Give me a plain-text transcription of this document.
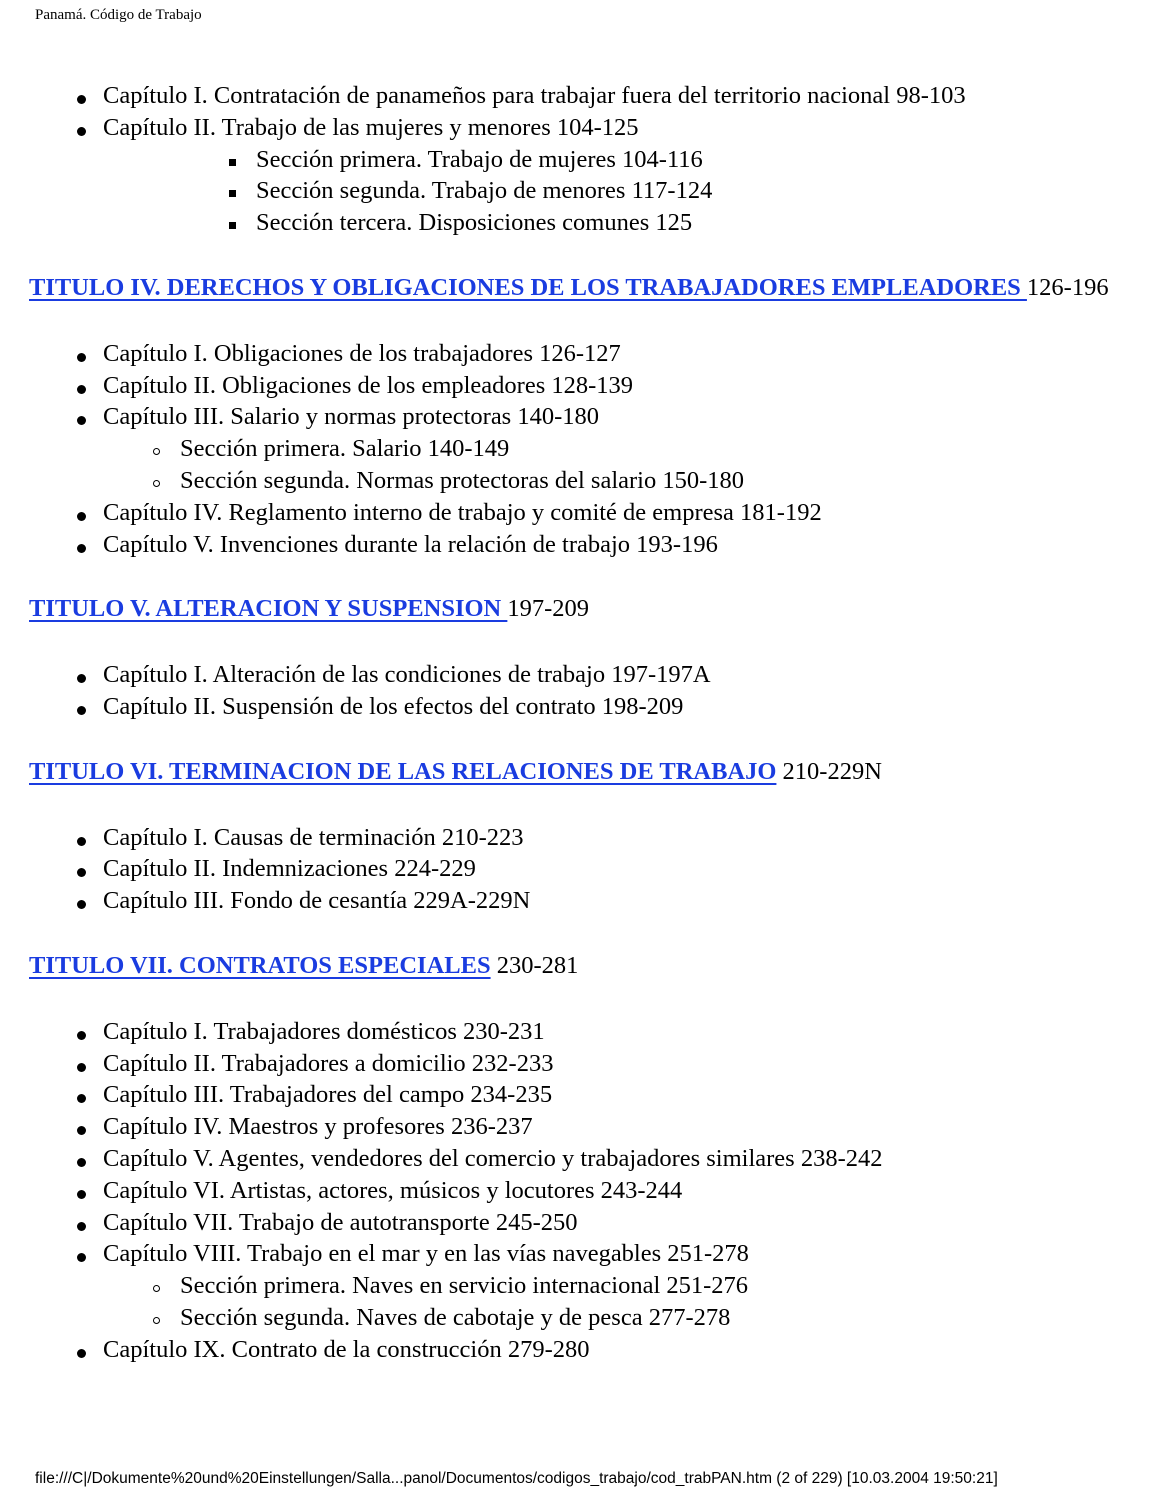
Panamá. Código de Trabajo
Capítulo I. Contratación de panameños para trabajar fuera del territorio nacional 98-103
Capítulo II. Trabajo de las mujeres y menores 104-125
Sección primera. Trabajo de mujeres 104-116
Sección segunda. Trabajo de menores 117-124
Sección tercera. Disposiciones comunes 125
TITULO IV. DERECHOS Y OBLIGACIONES DE LOS TRABAJADORES EMPLEADORES 126-196
Capítulo I. Obligaciones de los trabajadores 126-127
Capítulo II. Obligaciones de los empleadores 128-139
Capítulo III. Salario y normas protectoras 140-180
Sección primera. Salario 140-149
Sección segunda. Normas protectoras del salario 150-180
Capítulo IV. Reglamento interno de trabajo y comité de empresa 181-192
Capítulo V. Invenciones durante la relación de trabajo 193-196
TITULO V. ALTERACION Y SUSPENSION 197-209
Capítulo I. Alteración de las condiciones de trabajo 197-197A
Capítulo II. Suspensión de los efectos del contrato 198-209
TITULO VI. TERMINACION DE LAS RELACIONES DE TRABAJO 210-229N
Capítulo I. Causas de terminación 210-223
Capítulo II. Indemnizaciones 224-229
Capítulo III. Fondo de cesantía 229A-229N
TITULO VII. CONTRATOS ESPECIALES 230-281
Capítulo I. Trabajadores domésticos 230-231
Capítulo II. Trabajadores a domicilio 232-233
Capítulo III. Trabajadores del campo 234-235
Capítulo IV. Maestros y profesores 236-237
Capítulo V. Agentes, vendedores del comercio y trabajadores similares 238-242
Capítulo VI. Artistas, actores, músicos y locutores 243-244
Capítulo VII. Trabajo de autotransporte 245-250
Capítulo VIII. Trabajo en el mar y en las vías navegables 251-278
Sección primera. Naves en servicio internacional 251-276
Sección segunda. Naves de cabotaje y de pesca 277-278
Capítulo IX. Contrato de la construcción 279-280
file:///C|/Dokumente%20und%20Einstellungen/Salla...panol/Documentos/codigos_trabajo/cod_trabPAN.htm (2 of 229) [10.03.2004 19:50:21]
